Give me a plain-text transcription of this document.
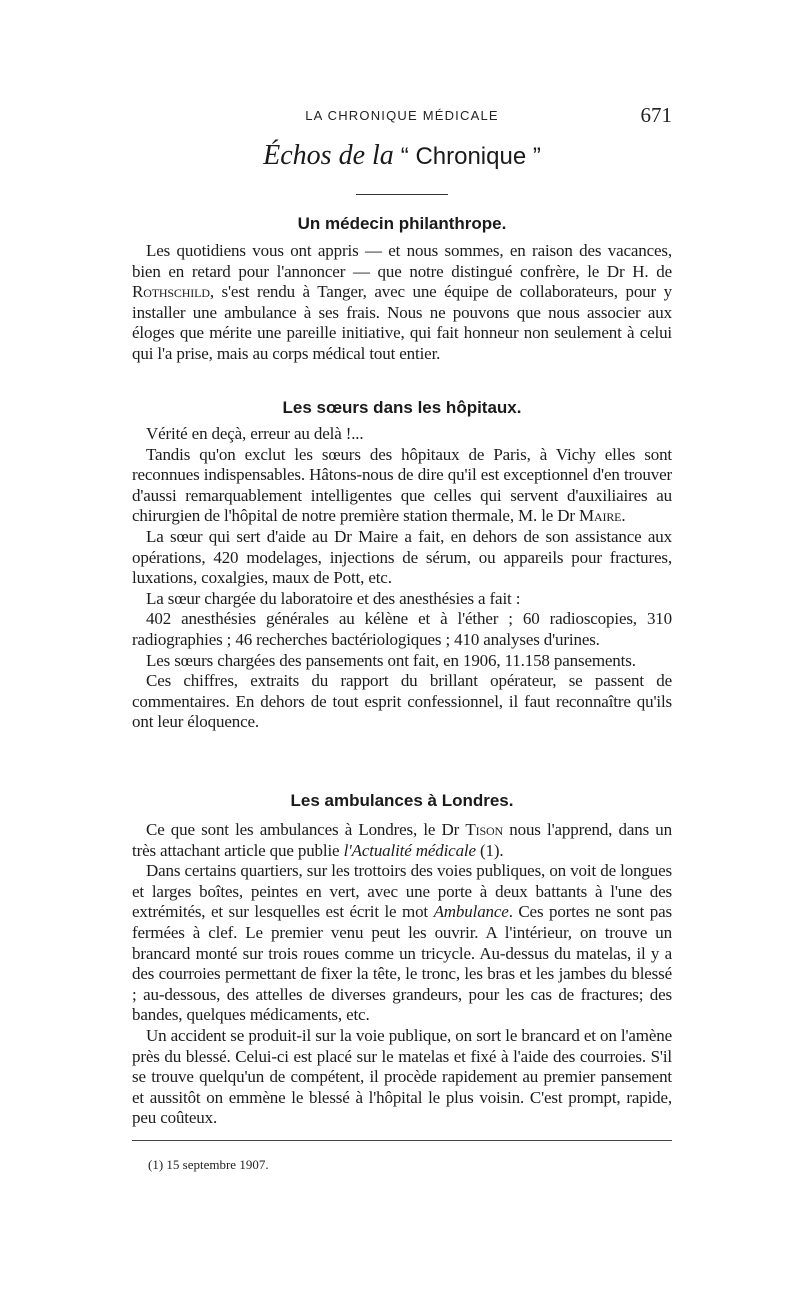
LA CHRONIQUE MÉDICALE	671
Échos de la “ Chronique ”
Un médecin philanthrope.

Les quotidiens vous ont appris — et nous sommes, en raison des vacances, bien en retard pour l'annoncer — que notre distingué confrère, le Dr H. de Rothschild, s'est rendu à Tanger, avec une équipe de collaborateurs, pour y installer une ambulance à ses frais. Nous ne pouvons que nous associer aux éloges que mérite une pareille initiative, qui fait honneur non seulement à celui qui l'a prise, mais au corps médical tout entier.

Les sœurs dans les hôpitaux.

Vérité en deçà, erreur au delà !...

Tandis qu'on exclut les sœurs des hôpitaux de Paris, à Vichy elles sont reconnues indispensables. Hâtons-nous de dire qu'il est exceptionnel d'en trouver d'aussi remarquablement intelligentes que celles qui servent d'auxiliaires au chirurgien de l'hôpital de notre première station thermale, M. le Dr Maire.

La sœur qui sert d'aide au Dr Maire a fait, en dehors de son assistance aux opérations, 420 modelages, injections de sérum, ou appareils pour fractures, luxations, coxalgies, maux de Pott, etc.

La sœur chargée du laboratoire et des anesthésies a fait :

402 anesthésies générales au kélène et à l'éther ; 60 radioscopies, 310 radiographies ; 46 recherches bactériologiques ; 410 analyses d'urines.

Les sœurs chargées des pansements ont fait, en 1906, 11.158 pansements.

Ces chiffres, extraits du rapport du brillant opérateur, se passent de commentaires. En dehors de tout esprit confessionnel, il faut reconnaître qu'ils ont leur éloquence.

Les ambulances à Londres.

Ce que sont les ambulances à Londres, le Dr Tison nous l'apprend, dans un très attachant article que publie l'Actualité médicale (1).

Dans certains quartiers, sur les trottoirs des voies publiques, on voit de longues et larges boîtes, peintes en vert, avec une porte à deux battants à l'une des extrémités, et sur lesquelles est écrit le mot Ambulance. Ces portes ne sont pas fermées à clef. Le premier venu peut les ouvrir. A l'intérieur, on trouve un brancard monté sur trois roues comme un tricycle. Au-dessus du matelas, il y a des courroies permettant de fixer la tête, le tronc, les bras et les jambes du blessé ; au-dessous, des attelles de diverses grandeurs, pour les cas de fractures; des bandes, quelques médicaments, etc.

Un accident se produit-il sur la voie publique, on sort le brancard et on l'amène près du blessé. Celui-ci est placé sur le matelas et fixé à l'aide des courroies. S'il se trouve quelqu'un de compétent, il procède rapidement au premier pansement et aussitôt on emmène le blessé à l'hôpital le plus voisin. C'est prompt, rapide, peu coûteux.

(1) 15 septembre 1907.
